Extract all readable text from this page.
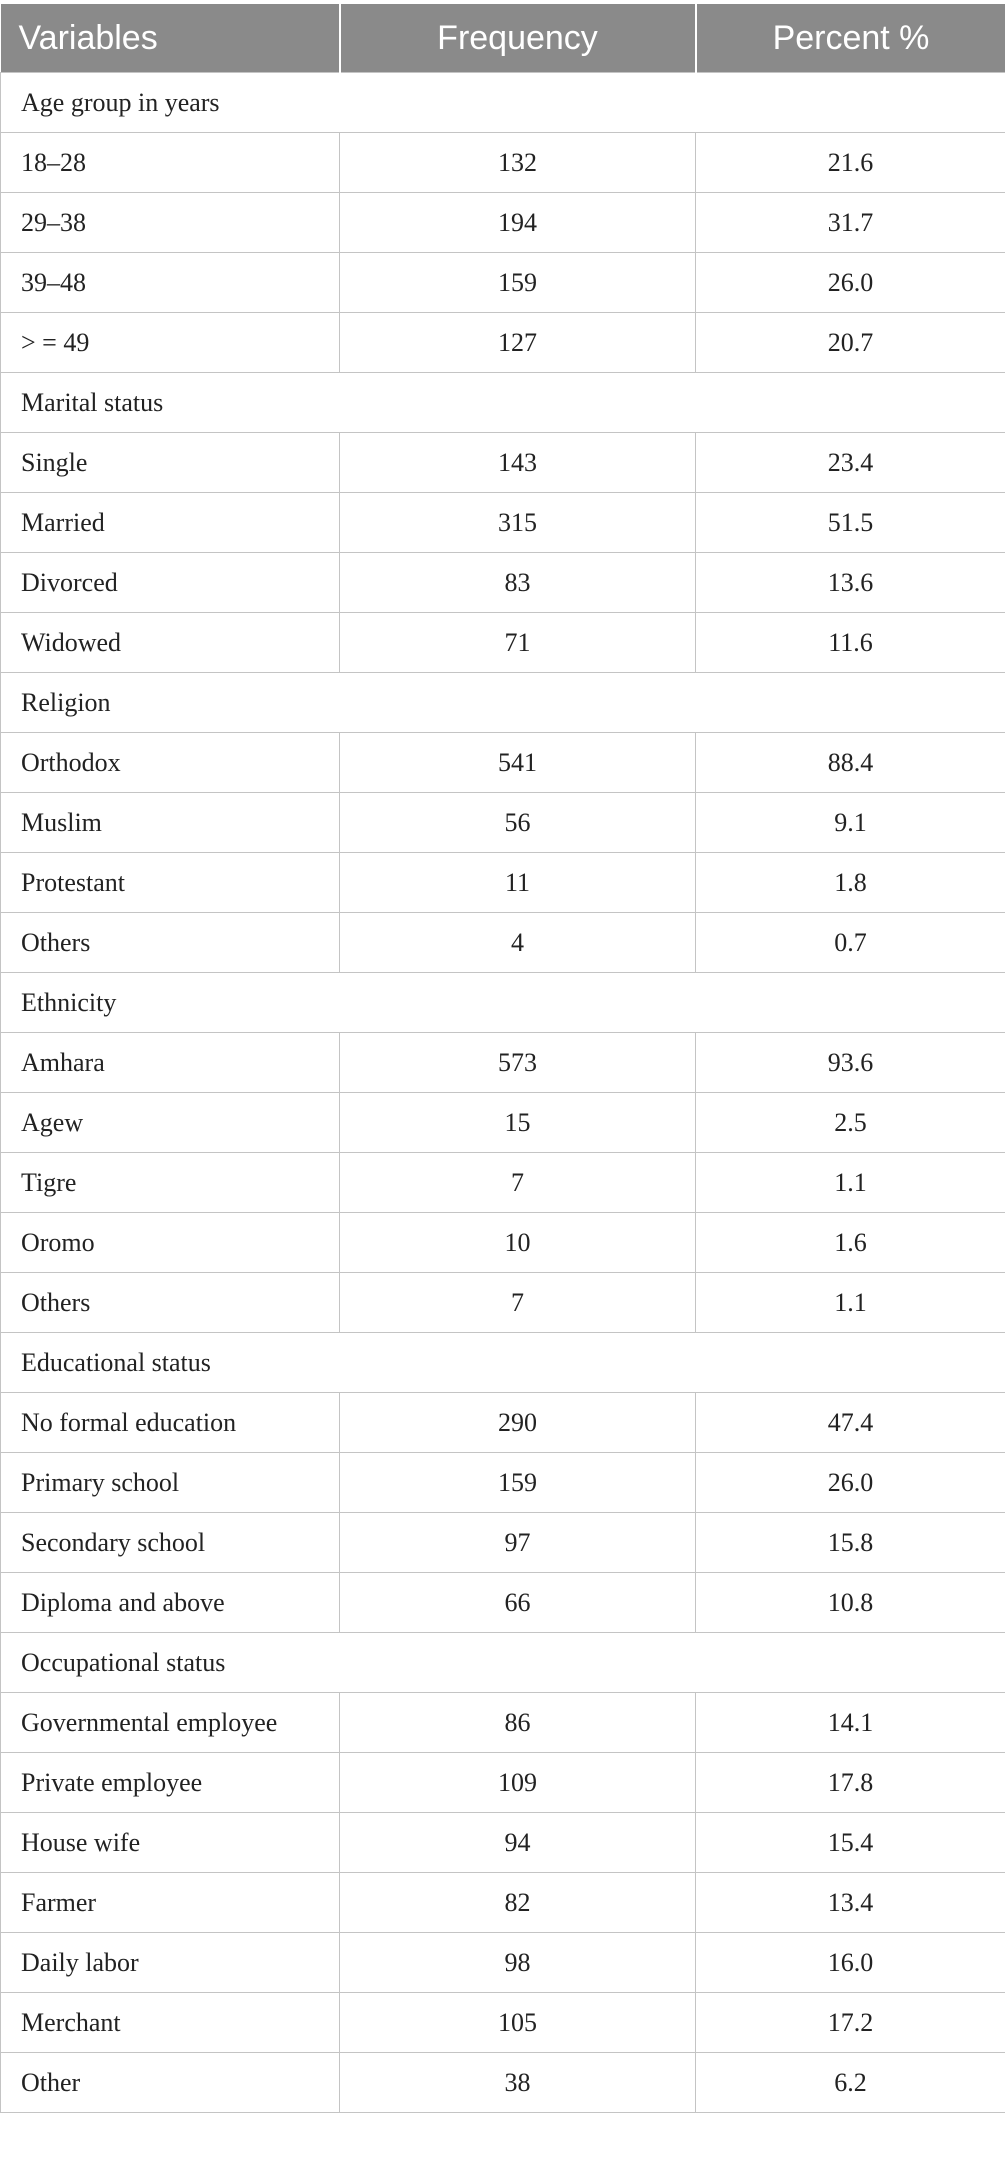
Variables	Frequency	Percent %
Age group in years		
18–28	132	21.6
29–38	194	31.7
39–48	159	26.0
> = 49	127	20.7
Marital status		
Single	143	23.4
Married	315	51.5
Divorced	83	13.6
Widowed	71	11.6
Religion		
Orthodox	541	88.4
Muslim	56	9.1
Protestant	11	1.8
Others	4	0.7
Ethnicity		
Amhara	573	93.6
Agew	15	2.5
Tigre	7	1.1
Oromo	10	1.6
Others	7	1.1
Educational status		
No formal education	290	47.4
Primary school	159	26.0
Secondary school	97	15.8
Diploma and above	66	10.8
Occupational status		
Governmental employee	86	14.1
Private employee	109	17.8
House wife	94	15.4
Farmer	82	13.4
Daily labor	98	16.0
Merchant	105	17.2
Other	38	6.2
